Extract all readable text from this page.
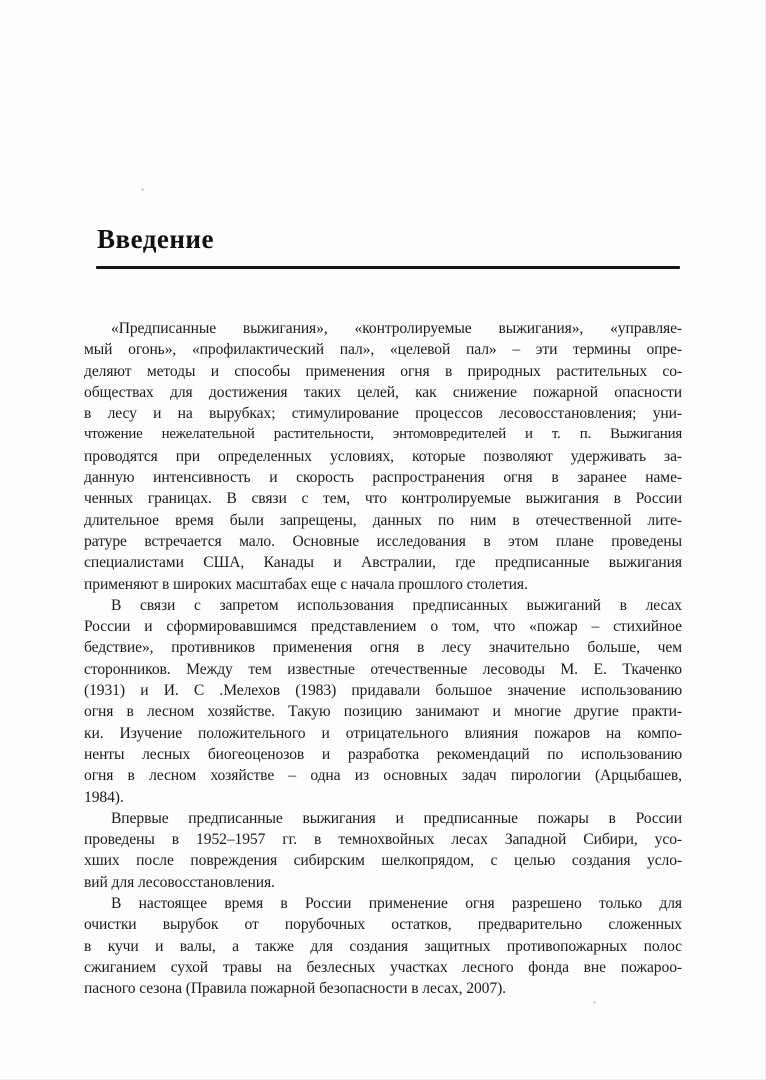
Введение
«Предписанные выжигания», «контролируемые выжигания», «управляе-
мый огонь», «профилактический пал», «целевой пал» – эти термины опре-
деляют методы и способы применения огня в природных растительных со-
обществах для достижения таких целей, как снижение пожарной опасности
в лесу и на вырубках; стимулирование процессов лесовосстановления; уни-
чтожение нежелательной растительности, энтомовредителей и т. п. Выжигания
проводятся при определенных условиях, которые позволяют удерживать за-
данную интенсивность и скорость распространения огня в заранее наме-
ченных границах. В связи с тем, что контролируемые выжигания в России
длительное время были запрещены, данных по ним в отечественной лите-
ратуре встречается мало. Основные исследования в этом плане проведены
специалистами США, Канады и Австралии, где предписанные выжигания
применяют в широких масштабах еще с начала прошлого столетия.
В связи с запретом использования предписанных выжиганий в лесах
России и сформировавшимся представлением о том, что «пожар – стихийное
бедствие», противников применения огня в лесу значительно больше, чем
сторонников. Между тем известные отечественные лесоводы М. Е. Ткаченко
(1931) и И. С .Мелехов (1983) придавали большое значение использованию
огня в лесном хозяйстве. Такую позицию занимают и многие другие практи-
ки. Изучение положительного и отрицательного влияния пожаров на компо-
ненты лесных биогеоценозов и разработка рекомендаций по использованию
огня в лесном хозяйстве – одна из основных задач пирологии (Арцыбашев,
1984).
Впервые предписанные выжигания и предписанные пожары в России
проведены в 1952–1957 гг. в темнохвойных лесах Западной Сибири, усо-
хших после повреждения сибирским шелкопрядом, с целью создания усло-
вий для лесовосстановления.
В настоящее время в России применение огня разрешено только для
очистки вырубок от порубочных остатков, предварительно сложенных
в кучи и валы, а также для создания защитных противопожарных полос
сжиганием сухой травы на безлесных участках лесного фонда вне пожароо-
пасного сезона (Правила пожарной безопасности в лесах, 2007).
